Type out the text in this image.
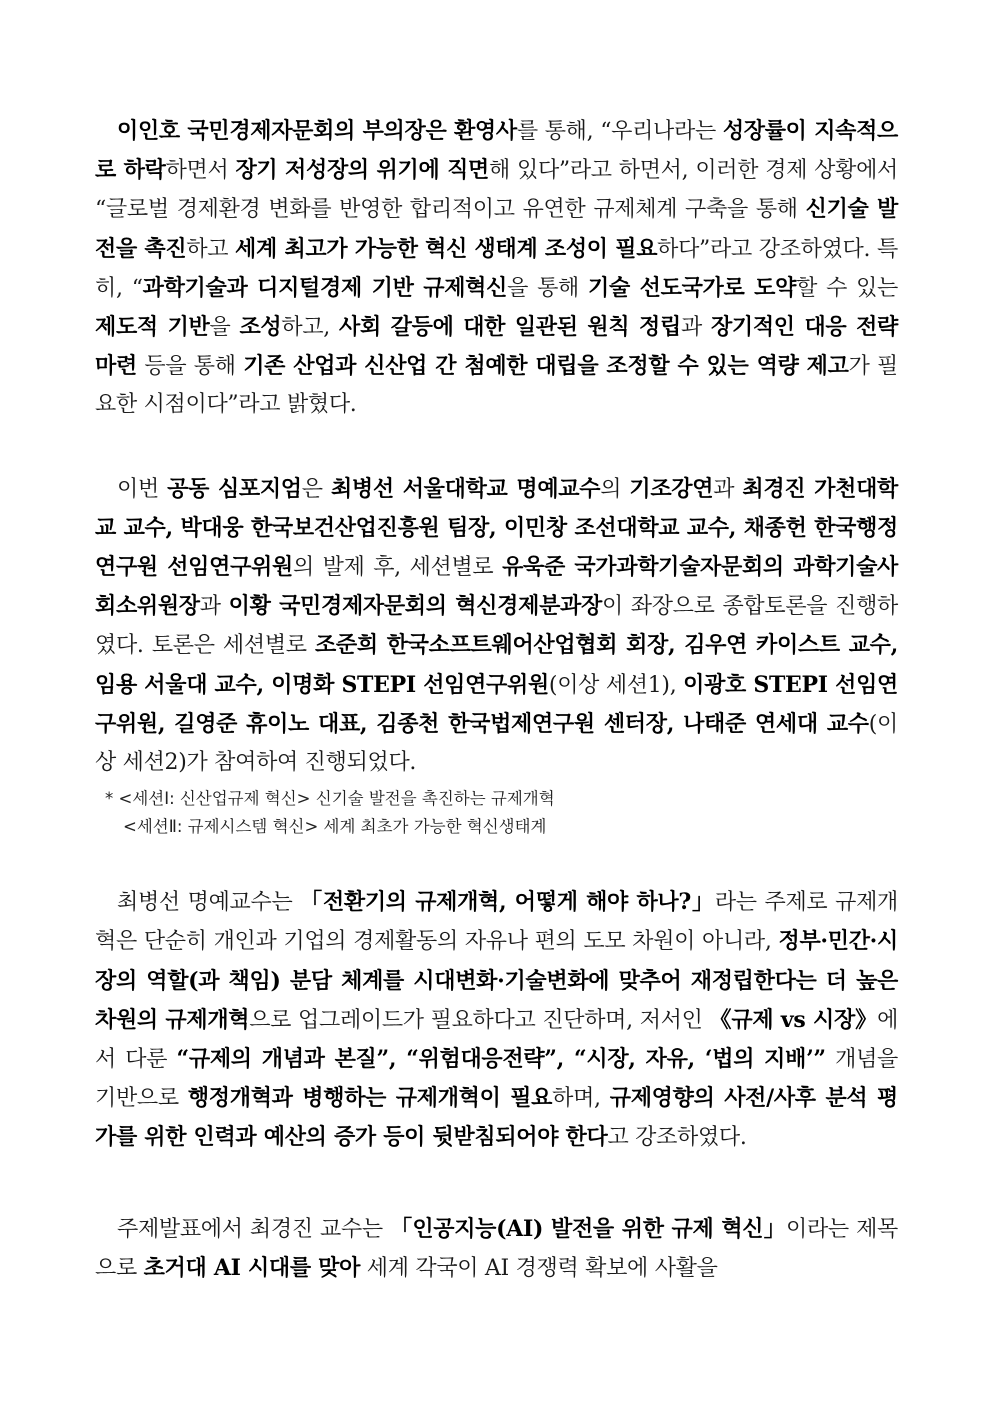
이인호 국민경제자문회의 부의장은 환영사를 통해, “우리나라는 성장률이 지속적으로 하락하면서 장기 저성장의 위기에 직면해 있다”라고 하면서, 이러한 경제 상황에서 “글로벌 경제환경 변화를 반영한 합리적이고 유연한 규제체계 구축을 통해 신기술 발전을 촉진하고 세계 최고가 가능한 혁신 생태계 조성이 필요하다”라고 강조하였다. 특히, “과학기술과 디지털경제 기반 규제혁신을 통해 기술 선도국가로 도약할 수 있는 제도적 기반을 조성하고, 사회 갈등에 대한 일관된 원칙 정립과 장기적인 대응 전략 마련 등을 통해 기존 산업과 신산업 간 첨예한 대립을 조정할 수 있는 역량 제고가 필요한 시점이다”라고 밝혔다.

이번 공동 심포지엄은 최병선 서울대학교 명예교수의 기조강연과 최경진 가천대학교 교수, 박대웅 한국보건산업진흥원 팀장, 이민창 조선대학교 교수, 채종헌 한국행정연구원 선임연구위원의 발제 후, 세션별로 유욱준 국가과학기술자문회의 과학기술사회소위원장과 이황 국민경제자문회의 혁신경제분과장이 좌장으로 종합토론을 진행하였다. 토론은 세션별로 조준희 한국소프트웨어산업협회 회장, 김우연 카이스트 교수, 임용 서울대 교수, 이명화 STEPI 선임연구위원(이상 세션1), 이광호 STEPI 선임연구위원, 길영준 휴이노 대표, 김종천 한국법제연구원 센터장, 나태준 연세대 교수(이상 세션2)가 참여하여 진행되었다.

* <세션Ⅰ: 신산업규제 혁신> 신기술 발전을 촉진하는 규제개혁
<세션Ⅱ: 규제시스템 혁신> 세계 최초가 가능한 혁신생태계

최병선 명예교수는 「전환기의 규제개혁, 어떻게 해야 하나?」라는 주제로 규제개혁은 단순히 개인과 기업의 경제활동의 자유나 편의 도모 차원이 아니라, 정부·민간·시장의 역할(과 책임) 분담 체계를 시대변화·기술변화에 맞추어 재정립한다는 더 높은 차원의 규제개혁으로 업그레이드가 필요하다고 진단하며, 저서인 《규제 vs 시장》에서 다룬 “규제의 개념과 본질”, “위험대응전략”, “시장, 자유, ‘법의 지배’” 개념을 기반으로 행정개혁과 병행하는 규제개혁이 필요하며, 규제영향의 사전/사후 분석 평가를 위한 인력과 예산의 증가 등이 뒷받침되어야 한다고 강조하였다.

주제발표에서 최경진 교수는 「인공지능(AI) 발전을 위한 규제 혁신」이라는 제목으로 초거대 AI 시대를 맞아 세계 각국이 AI 경쟁력 확보에 사활을
